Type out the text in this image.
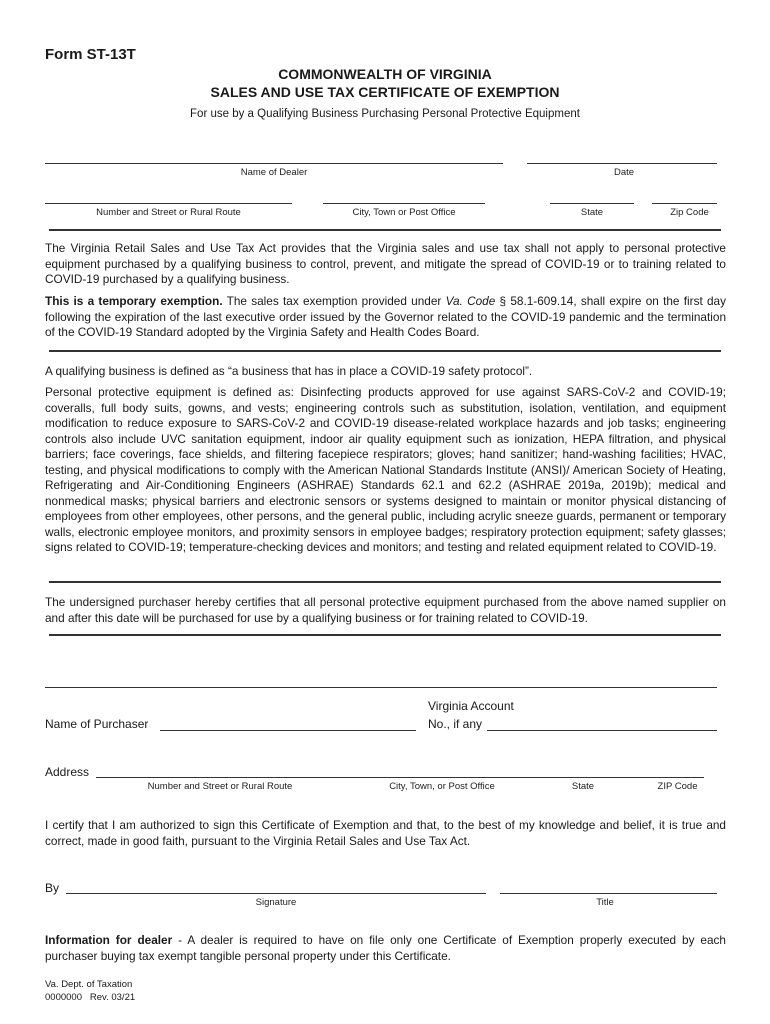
Form ST-13T
COMMONWEALTH OF VIRGINIA
SALES AND USE TAX CERTIFICATE OF EXEMPTION
For use by a Qualifying Business Purchasing Personal Protective Equipment
Name of Dealer	Date
Number and Street or Rural Route	City, Town or Post Office	State	Zip Code
The Virginia Retail Sales and Use Tax Act provides that the Virginia sales and use tax shall not apply to personal protective equipment purchased by a qualifying business to control, prevent, and mitigate the spread of COVID-19 or to training related to COVID-19 purchased by a qualifying business.
This is a temporary exemption. The sales tax exemption provided under Va. Code § 58.1-609.14, shall expire on the first day following the expiration of the last executive order issued by the Governor related to the COVID-19 pandemic and the termination of the COVID-19 Standard adopted by the Virginia Safety and Health Codes Board.
A qualifying business is defined as “a business that has in place a COVID-19 safety protocol”.
Personal protective equipment is defined as: Disinfecting products approved for use against SARS-CoV-2 and COVID-19; coveralls, full body suits, gowns, and vests; engineering controls such as substitution, isolation, ventilation, and equipment modification to reduce exposure to SARS-CoV-2 and COVID-19 disease-related workplace hazards and job tasks; engineering controls also include UVC sanitation equipment, indoor air quality equipment such as ionization, HEPA filtration, and physical barriers; face coverings, face shields, and filtering facepiece respirators; gloves; hand sanitizer; hand-washing facilities; HVAC, testing, and physical modifications to comply with the American National Standards Institute (ANSI)/ American Society of Heating, Refrigerating and Air-Conditioning Engineers (ASHRAE) Standards 62.1 and 62.2 (ASHRAE 2019a, 2019b); medical and nonmedical masks; physical barriers and electronic sensors or systems designed to maintain or monitor physical distancing of employees from other employees, other persons, and the general public, including acrylic sneeze guards, permanent or temporary walls, electronic employee monitors, and proximity sensors in employee badges; respiratory protection equipment; safety glasses; signs related to COVID-19; temperature-checking devices and monitors; and testing and related equipment related to COVID-19.
The undersigned purchaser hereby certifies that all personal protective equipment purchased from the above named supplier on and after this date will be purchased for use by a qualifying business or for training related to COVID-19.
Name of Purchaser
Virginia Account
No., if any
Address
Number and Street or Rural Route	City, Town, or Post Office	State	ZIP Code
I certify that I am authorized to sign this Certificate of Exemption and that, to the best of my knowledge and belief, it is true and correct, made in good faith, pursuant to the Virginia Retail Sales and Use Tax Act.
By
Signature	Title
Information for dealer - A dealer is required to have on file only one Certificate of Exemption properly executed by each purchaser buying tax exempt tangible personal property under this Certificate.
Va. Dept. of Taxation
0000000   Rev. 03/21
